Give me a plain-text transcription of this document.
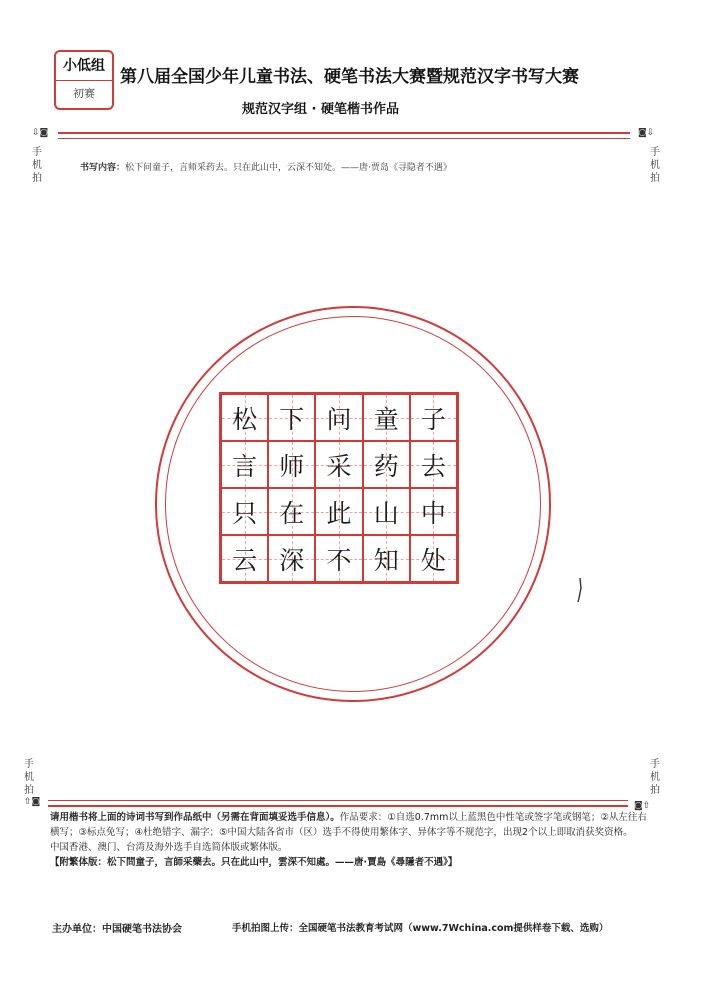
小低组
初赛
第八届全国少年儿童书法、硬笔书法大赛暨规范汉字书写大赛
规范汉字组 · 硬笔楷书作品
⇩◙	◙⇩
手机拍
手机拍
书写内容：松下问童子，言师采药去。只在此山中，云深不知处。——唐·贾岛《寻隐者不遇》
松 下 问 童 子
言 师 采 药 去
只 在 此 山 中
云 深 不 知 处
手机拍
手机拍
⇧◙	◙⇧
请用楷书将上面的诗词书写到作品纸中（另需在背面填妥选手信息）。作品要求：①自选0.7mm以上蓝黑色中性笔或签字笔或钢笔；②从左往右横写；③标点免写；④杜绝错字、漏字；⑤中国大陆各省市（区）选手不得使用繁体字、异体字等不规范字，出现2个以上即取消获奖资格。
中国香港、澳门、台湾及海外选手自选简体版或繁体版。
【附繁体版：松下問童子，言師采藥去。只在此山中，雲深不知處。——唐·賈島《尋隱者不遇》】
主办单位：中国硬笔书法协会	手机拍图上传：全国硬笔书法教育考试网（www.7Wchina.com提供样卷下载、选购）
